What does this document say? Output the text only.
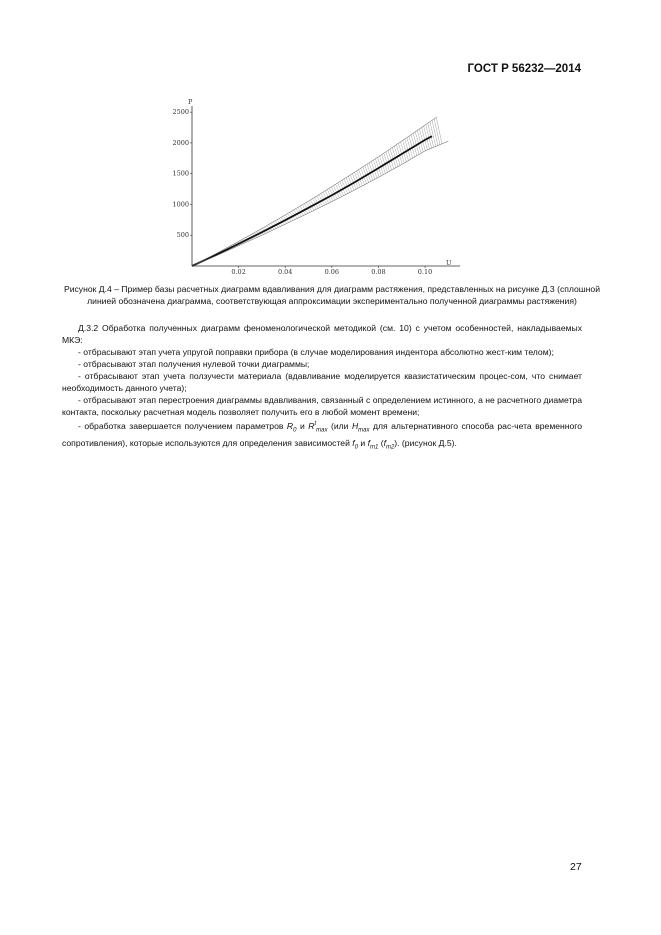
ГОСТ Р 56232—2014
0.02	0.04	0.06	0.08	0.10
500
1000
1500
2000
2500
P
U
Рисунок Д.4 – Пример базы расчетных диаграмм вдавливания для диаграмм растяжения, представленных на рисунке Д.3 (сплошной линией обозначена диаграмма, соответствующая аппроксимации экспериментально полученной диаграммы растяжения)

Д.3.2 Обработка полученных диаграмм феноменологической методикой (см. 10) с учетом особенностей, накладываемых МКЭ:

- отбрасывают этап учета упругой поправки прибора (в случае моделирования индентора абсолютно жест-ким телом);

- отбрасывают этап получения нулевой точки диаграммы;

- отбрасывают этап учета ползучести материала (вдавливание моделируется квазистатическим процес-сом, что снимает необходимость данного учета);

- отбрасывают этап перестроения диаграммы вдавливания, связанный с определением истинного, а не расчетного диаметра контакта, поскольку расчетная модель позволяет получить его в любой момент времени;

- обработка завершается получением параметров $R_0$ и $R^t_{max}$ (или $H_{max}$ для альтернативного способа рас-чета временного сопротивления), которые используются для определения зависимостей $f_0$ и $f_{m1}$ $(f_{m2})$. (рисунок Д.5).

27
